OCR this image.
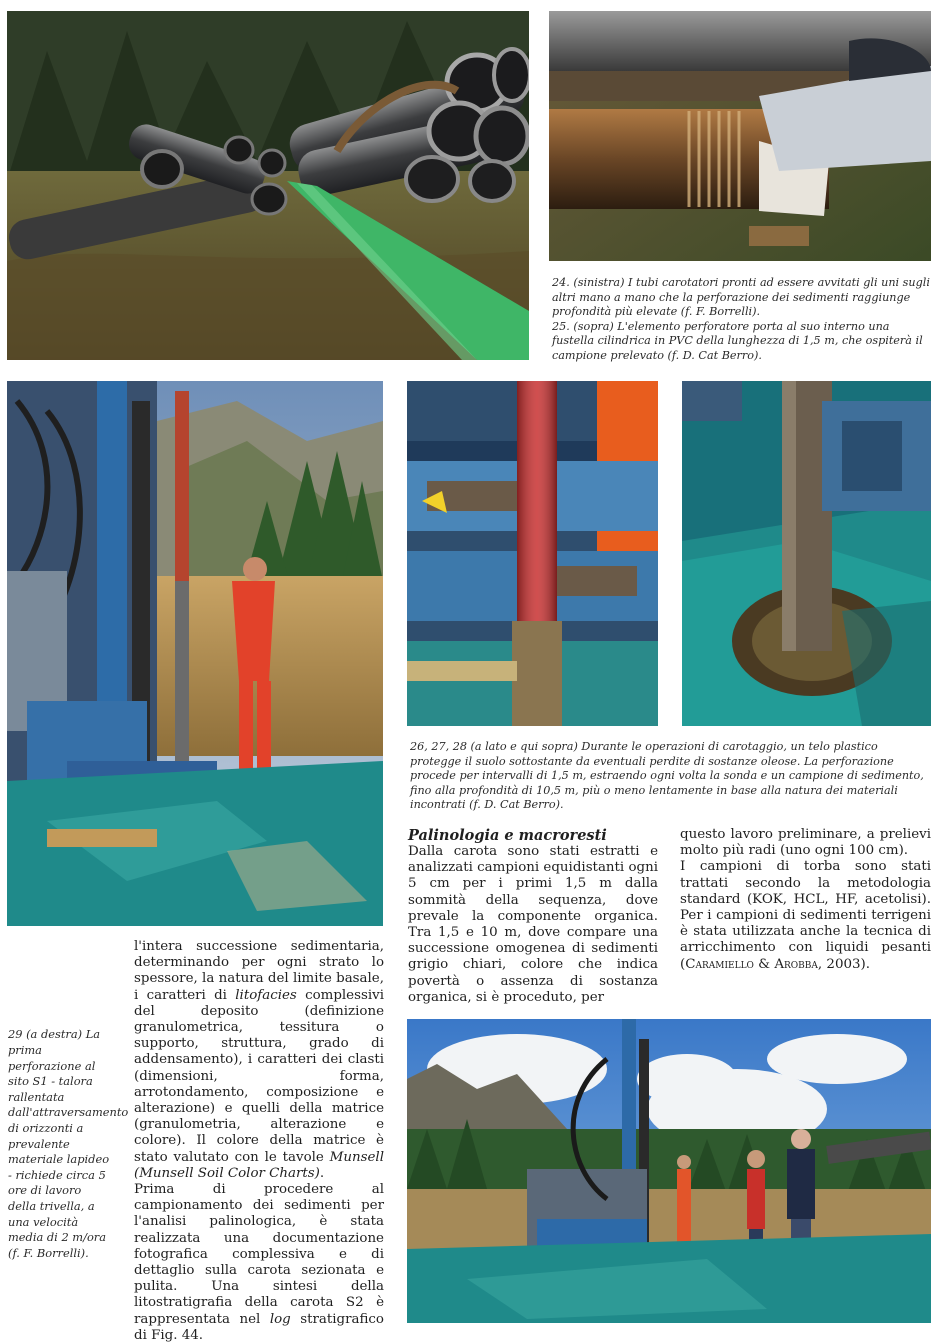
24. (sinistra) I tubi carotatori pronti ad essere avvitati gli uni sugli altri mano a mano che la perforazione dei sedimenti raggiunge profondità più elevate (f. F. Borrelli).

25. (sopra) L'elemento perforatore porta al suo interno una fustella cilindrica in PVC della lunghezza di 1,5 m, che ospiterà il campione prelevato (f. D. Cat Berro).

26, 27, 28 (a lato e qui sopra) Durante le operazioni di carotaggio, un telo plastico protegge il suolo sottostante da eventuali perdite di sostanze oleose. La perforazione procede per intervalli di 1,5 m, estraendo ogni volta la sonda e un campione di sedimento, fino alla profondità di 10,5 m, più o meno lentamente in base alla natura dei materiali incontrati (f. D. Cat Berro).

29 (a destra) La prima perforazione al sito S1 - talora rallentata dall'attraversamento di orizzonti a prevalente materiale lapideo - richiede circa 5 ore di lavoro della trivella, a una velocità media di 2 m/ora (f. F. Borrelli).

l'intera successione sedimentaria, determinando per ogni strato lo spessore, la natura del limite basale, i caratteri di litofacies complessivi del deposito (definizione granulometrica, tessitura o supporto, struttura, grado di addensamento), i caratteri dei clasti (dimensioni, forma, arrotondamento, composizione e alterazione) e quelli della matrice (granulometria, alterazione e colore). Il colore della matrice è stato valutato con le tavole Munsell (Munsell Soil Color Charts).

Prima di procedere al campionamento dei sedimenti per l'analisi palinologica, è stata realizzata una documentazione fotografica complessiva e di dettaglio sulla carota sezionata e pulita. Una sintesi della litostratigrafia della carota S2 è rappresentata nel log stratigrafico di Fig. 44.

Palinologia e macroresti

Dalla carota sono stati estratti e analizzati campioni equidistanti ogni 5 cm per i primi 1,5 m dalla sommità della sequenza, dove prevale la componente organica. Tra 1,5 e 10 m, dove compare una successione omogenea di sedimenti grigio chiari, colore che indica povertà o assenza di sostanza organica, si è proceduto, per

questo lavoro preliminare, a prelievi molto più radi (uno ogni 100 cm).

I campioni di torba sono stati trattati secondo la metodologia standard (KOK, HCL, HF, acetolisi). Per i campioni di sedimenti terrigeni è stata utilizzata anche la tecnica di arricchimento con liquidi pesanti (Caramiello & Arobba, 2003).
